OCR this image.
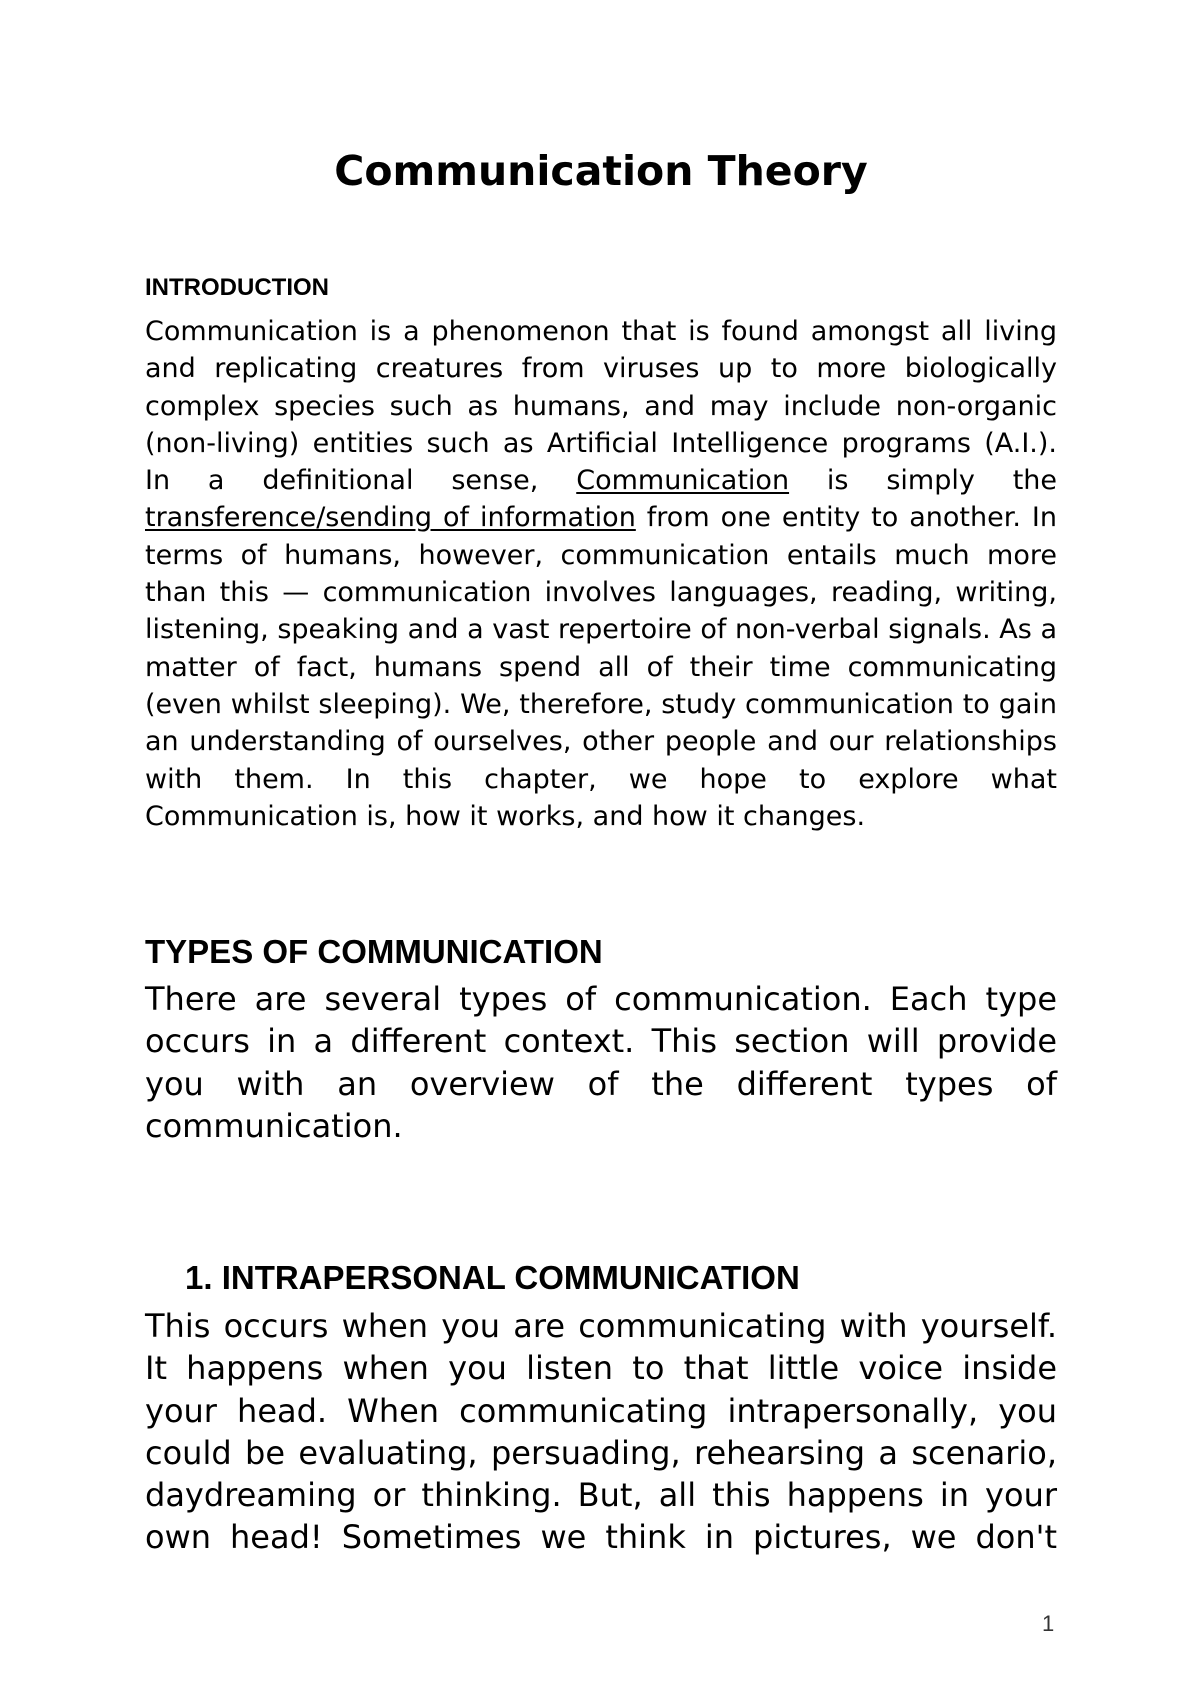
Communication Theory
INTRODUCTION

Communication is a phenomenon that is found amongst all living and replicating creatures from viruses up to more biologically complex species such as humans, and may include non-organic (non-living) entities such as Artificial Intelligence programs (A.I.). In a definitional sense, Communication is simply the transference/sending of information from one entity to another. In terms of humans, however, communication entails much more than this — communication involves languages, reading, writing, listening, speaking and a vast repertoire of non-verbal signals. As a matter of fact, humans spend all of their time communicating (even whilst sleeping). We, therefore, study communication to gain an understanding of ourselves, other people and our relationships with them. In this chapter, we hope to explore what Communication is, how it works, and how it changes.

TYPES OF COMMUNICATION

There are several types of communication. Each type occurs in a different context. This section will provide you with an overview of the different types of communication.

1. INTRAPERSONAL COMMUNICATION

This occurs when you are communicating with yourself. It happens when you listen to that little voice inside your head. When communicating intrapersonally, you could be evaluating, persuading, rehearsing a scenario, daydreaming or thinking. But, all this happens in your own head! Sometimes we think in pictures, we don't

1
